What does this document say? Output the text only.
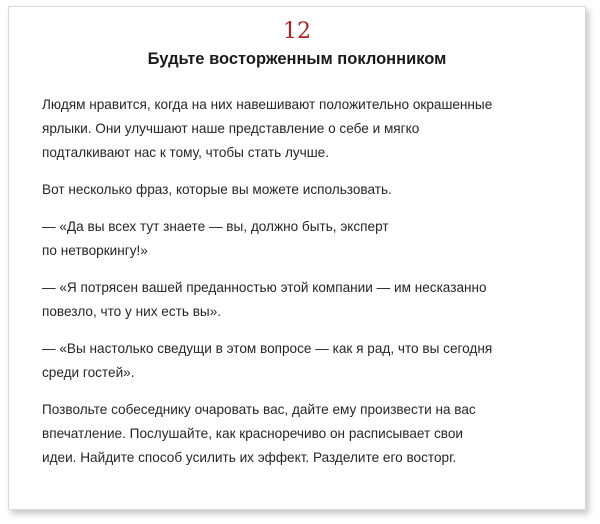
12
Будьте восторженным поклонником

Людям нравится, когда на них навешивают положительно окрашенные
ярлыки. Они улучшают наше представление о себе и мягко
подталкивают нас к тому, чтобы стать лучше.

Вот несколько фраз, которые вы можете использовать.

— «Да вы всех тут знаете — вы, должно быть, эксперт
по нетворкингу!»

— «Я потрясен вашей преданностью этой компании — им несказанно
повезло, что у них есть вы».

— «Вы настолько сведущи в этом вопросе — как я рад, что вы сегодня
среди гостей».

Позвольте собеседнику очаровать вас, дайте ему произвести на вас
впечатление. Послушайте, как красноречиво он расписывает свои
идеи. Найдите способ усилить их эффект. Разделите его восторг.
